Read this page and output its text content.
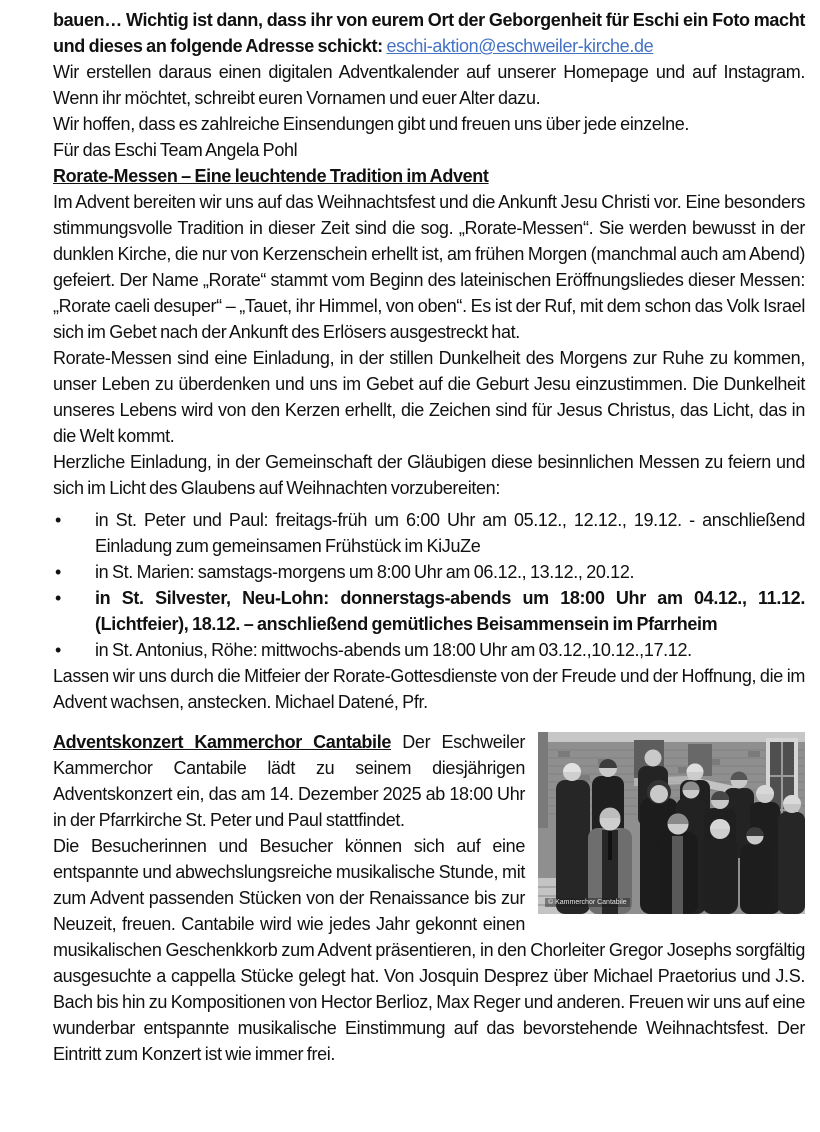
bauen… Wichtig ist dann, dass ihr von eurem Ort der Geborgenheit für Eschi ein Foto macht und dieses an folgende Adresse schickt: eschi-aktion@eschweiler-kirche.de

Wir erstellen daraus einen digitalen Adventkalender auf unserer Homepage und auf Instagram. Wenn ihr möchtet, schreibt euren Vornamen und euer Alter dazu.

Wir hoffen, dass es zahlreiche Einsendungen gibt und freuen uns über jede einzelne.

Für das Eschi Team Angela Pohl

Rorate-Messen – Eine leuchtende Tradition im Advent

Im Advent bereiten wir uns auf das Weihnachtsfest und die Ankunft Jesu Christi vor. Eine besonders stimmungsvolle Tradition in dieser Zeit sind die sog. „Rorate-Messen“. Sie werden bewusst in der dunklen Kirche, die nur von Kerzenschein erhellt ist, am frühen Morgen (manchmal auch am Abend) gefeiert. Der Name „Rorate“ stammt vom Beginn des lateinischen Eröffnungsliedes dieser Messen: „Rorate caeli desuper“ – „Tauet, ihr Himmel, von oben“. Es ist der Ruf, mit dem schon das Volk Israel sich im Gebet nach der Ankunft des Erlösers ausgestreckt hat.

Rorate-Messen sind eine Einladung, in der stillen Dunkelheit des Morgens zur Ruhe zu kommen, unser Leben zu überdenken und uns im Gebet auf die Geburt Jesu einzustimmen. Die Dunkelheit unseres Lebens wird von den Kerzen erhellt, die Zeichen sind für Jesus Christus, das Licht, das in die Welt kommt.

Herzliche Einladung, in der Gemeinschaft der Gläubigen diese besinnlichen Messen zu feiern und sich im Licht des Glaubens auf Weihnachten vorzubereiten:

• in St. Peter und Paul: freitags-früh um 6:00 Uhr am 05.12., 12.12., 19.12. - anschließend Einladung zum gemeinsamen Frühstück im KiJuZe
• in St. Marien: samstags-morgens um 8:00 Uhr am 06.12., 13.12., 20.12.
• in St. Silvester, Neu-Lohn: donnerstags-abends um 18:00 Uhr am 04.12., 11.12. (Lichtfeier), 18.12. – anschließend gemütliches Beisammensein im Pfarrheim
• in St. Antonius, Röhe: mittwochs-abends um 18:00 Uhr am 03.12.,10.12.,17.12.

Lassen wir uns durch die Mitfeier der Rorate-Gottesdienste von der Freude und der Hoffnung, die im Advent wachsen, anstecken. Michael Datené, Pfr.

© Kammerchor Cantabile

Adventskonzert Kammerchor Cantabile Der Eschweiler Kammerchor Cantabile lädt zu seinem diesjährigen Adventskonzert ein, das am 14. Dezember 2025 ab 18:00 Uhr in der Pfarrkirche St. Peter und Paul stattfindet.

Die Besucherinnen und Besucher können sich auf eine entspannte und abwechslungsreiche musikalische Stunde, mit zum Advent passenden Stücken von der Renaissance bis zur Neuzeit, freuen. Cantabile wird wie jedes Jahr gekonnt einen musikalischen Geschenkkorb zum Advent präsentieren, in den Chorleiter Gregor Josephs sorgfältig ausgesuchte a cappella Stücke gelegt hat. Von Josquin Desprez über Michael Praetorius und J.S. Bach bis hin zu Kompositionen von Hector Berlioz, Max Reger und anderen. Freuen wir uns auf eine wunderbar entspannte musikalische Einstimmung auf das bevorstehende Weihnachtsfest. Der Eintritt zum Konzert ist wie immer frei.
